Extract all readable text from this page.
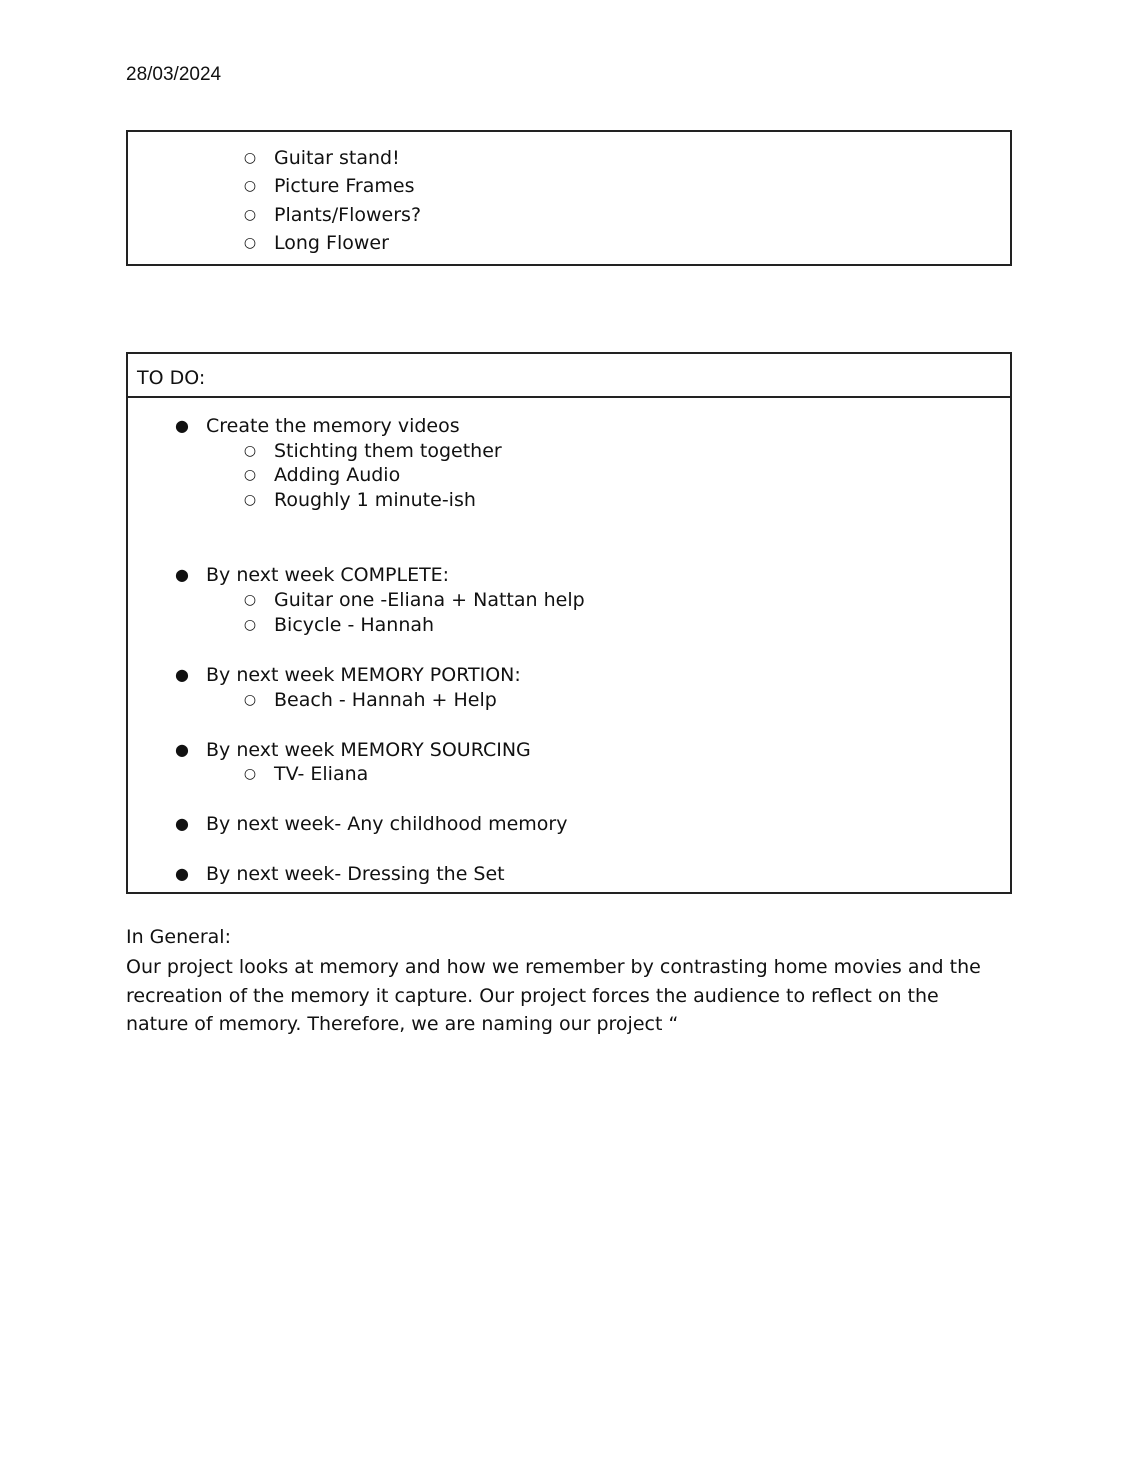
28/03/2024
○ Guitar stand!
○ Picture Frames
○ Plants/Flowers?
○ Long Flower
TO DO:
● Create the memory videos
○ Stichting them together
○ Adding Audio
○ Roughly 1 minute-ish
● By next week COMPLETE:
○ Guitar one -Eliana + Nattan help
○ Bicycle - Hannah
● By next week MEMORY PORTION:
○ Beach - Hannah + Help
● By next week MEMORY SOURCING
○ TV- Eliana
● By next week- Any childhood memory
● By next week- Dressing the Set
In General:
Our project looks at memory and how we remember by contrasting home movies and the recreation of the memory it capture. Our project forces the audience to reflect on the nature of memory. Therefore, we are naming our project “
